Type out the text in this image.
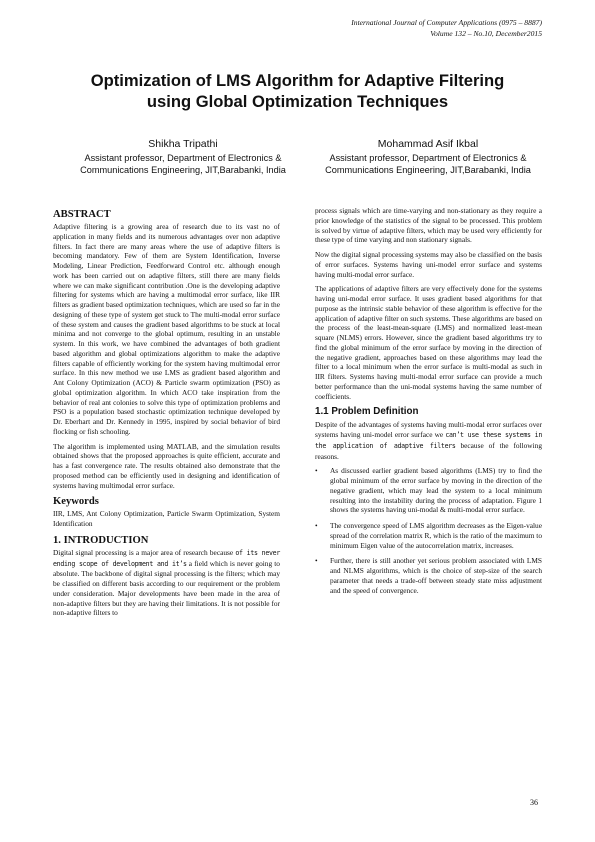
International Journal of Computer Applications (0975 – 8887)
Volume 132 – No.10, December2015
Optimization of LMS Algorithm for Adaptive Filtering
using Global Optimization Techniques
Shikha Tripathi
Assistant professor, Department of Electronics &
Communications Engineering, JIT,Barabanki, India
Mohammad Asif Ikbal
Assistant professor, Department of Electronics &
Communications Engineering, JIT,Barabanki, India
ABSTRACT

Adaptive filtering is a growing area of research due to its vast no of application in many fields and its numerous advantages over non adaptive filters. In fact there are many areas where the use of adaptive filters is becoming mandatory. Few of them are System Identification, Inverse Modeling, Linear Prediction, Feedforward Control etc. although enough work has been carried out on adaptive filters, still there are many fields where we can make significant contribution .One is the developing adaptive filtering for systems which are having a multimodal error surface, like IIR filters as gradient based optimization techniques, which are used so far in the designing of these type of system get stuck to The multi-modal error surface of these system and causes the gradient based algorithms to be stuck at local minima and not converge to the global optimum, resulting in an unstable system. In this work, we have combined the advantages of both gradient based algorithm and global optimizations algorithm to make the adaptive filters capable of efficiently working for the system having multimodal error surface. In this new method we use LMS as gradient based algorithm and Ant Colony Optimization (ACO) & Particle swarm optimization (PSO) as global optimization algorithm. In which ACO take inspiration from the behavior of real ant colonies to solve this type of optimization problems and PSO is a population based stochastic optimization technique developed by Dr. Eberhart and Dr. Kennedy in 1995, inspired by social behavior of bird flocking or fish schooling.

The algorithm is implemented using MATLAB, and the simulation results obtained shows that the proposed approaches is quite efficient, accurate and has a fast convergence rate. The results obtained also demonstrate that the proposed method can be efficiently used in designing and identification of systems having multimodal error surface.

Keywords

IIR, LMS, Ant Colony Optimization, Particle Swarm Optimization, System Identification

1. INTRODUCTION

Digital signal processing is a major area of research because of its never ending scope of development and it’s a field which is never going to absolute. The backbone of digital signal processing is the filters; which may be classified on different basis according to our requirement or the problem under consideration. Major developments have been made in the area of non-adaptive filters but they are having their limitations. It is not possible for non-adaptive filters to

process signals which are time-varying and non-stationary as they require a prior knowledge of the statistics of the signal to be processed. This problem is solved by virtue of adaptive filters, which may be used very efficiently for these type of time varying and non stationary signals.

Now the digital signal processing systems may also be classified on the basis of error surfaces. Systems having uni-model error surface and systems having multi-modal error surface.

The applications of adaptive filters are very effectively done for the systems having uni-modal error surface. It uses gradient based algorithms for that purpose as the intrinsic stable behavior of these algorithm is effective for the application of adaptive filter on such systems. These algorithms are based on the process of the least-mean-square (LMS) and normalized least-mean square (NLMS) errors. However, since the gradient based algorithms try to find the global minimum of the error surface by moving in the direction of the negative gradient, approaches based on these algorithms may lead the filter to a local minimum when the error surface is multi-modal as such in IIR filters. Systems having multi-modal error surface can provide a much better performance than the uni-modal systems having the same number of coefficients.

1.1 Problem Definition

Despite of the advantages of systems having multi-modal error surfaces over systems having uni-model error surface we can’t use these systems in the application of adaptive filters because of the following reasons.

• As discussed earlier gradient based algorithms (LMS) try to find the global minimum of the error surface by moving in the direction of the negative gradient, which may lead the system to a local minimum resulting into the instability during the process of adaptation. Figure 1 shows the systems having uni-modal & multi-modal error surface.
• The convergence speed of LMS algorithm decreases as the Eigen-value spread of the correlation matrix R, which is the ratio of the maximum to minimum Eigen value of the autocorrelation matrix, increases.
• Further, there is still another yet serious problem associated with LMS and NLMS algorithms, which is the choice of step-size of the search parameter that needs a trade-off between steady state miss adjustment and the speed of convergence.
36
